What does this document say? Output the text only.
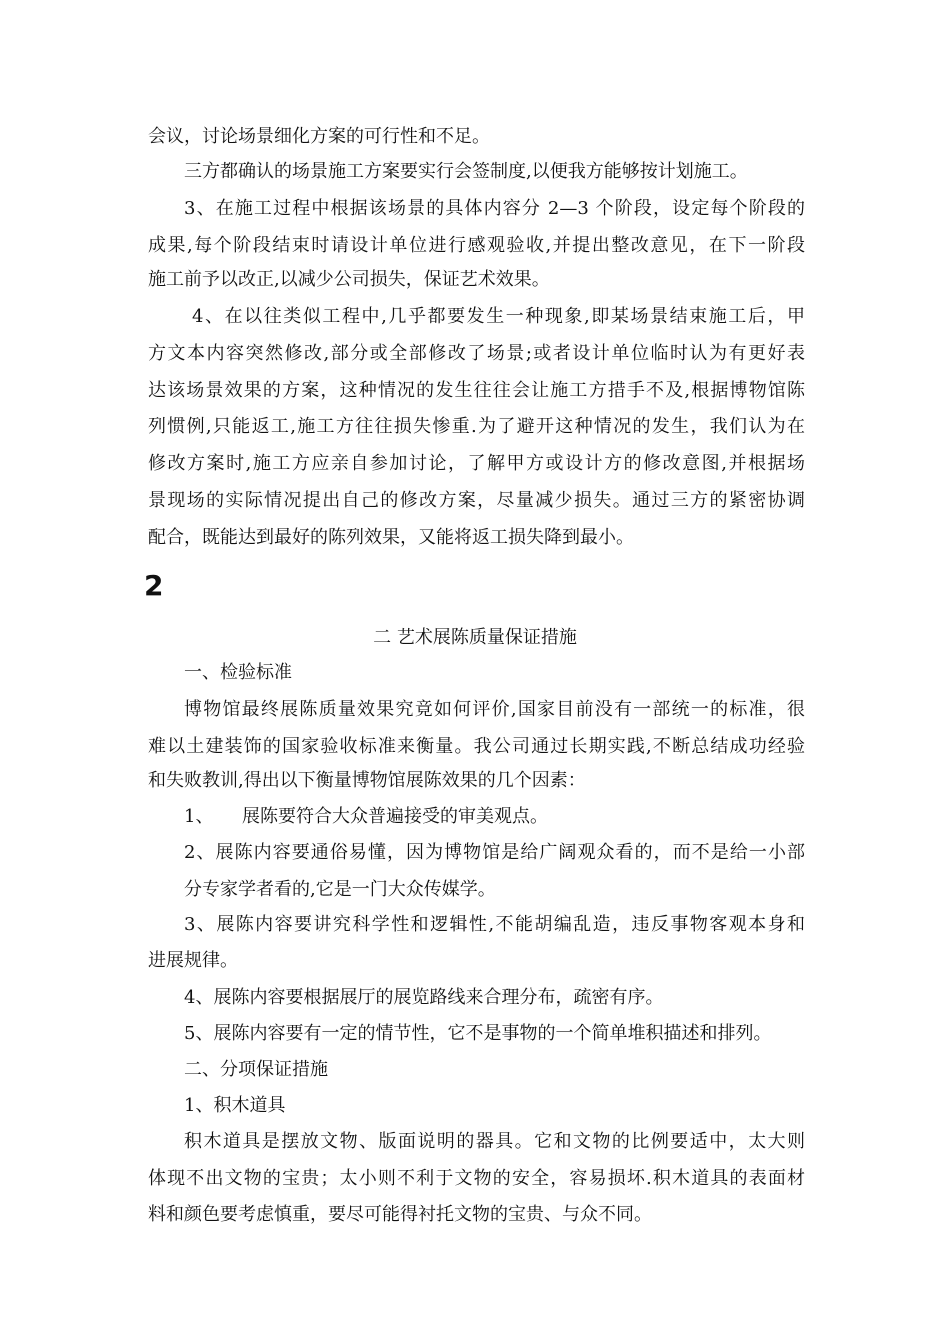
会议，讨论场景细化方案的可行性和不足。
三方都确认的场景施工方案要实行会签制度,以便我方能够按计划施工。
3、在施工过程中根据该场景的具体内容分 2—3 个阶段，设定每个阶段的
成果,每个阶段结束时请设计单位进行感观验收,并提出整改意见，在下一阶段
施工前予以改正,以减少公司损失，保证艺术效果。
4、在以往类似工程中,几乎都要发生一种现象,即某场景结束施工后，甲
方文本内容突然修改,部分或全部修改了场景;或者设计单位临时认为有更好表
达该场景效果的方案，这种情况的发生往往会让施工方措手不及,根据博物馆陈
列惯例,只能返工,施工方往往损失惨重.为了避开这种情况的发生，我们认为在
修改方案时,施工方应亲自参加讨论，了解甲方或设计方的修改意图,并根据场
景现场的实际情况提出自己的修改方案，尽量减少损失。通过三方的紧密协调
配合，既能达到最好的陈列效果，又能将返工损失降到最小。
2
二 艺术展陈质量保证措施
一、检验标准
博物馆最终展陈质量效果究竟如何评价,国家目前没有一部统一的标准，很
难以土建装饰的国家验收标准来衡量。我公司通过长期实践,不断总结成功经验
和失败教训,得出以下衡量博物馆展陈效果的几个因素：
1、     展陈要符合大众普遍接受的审美观点。
2、展陈内容要通俗易懂，因为博物馆是给广阔观众看的，而不是给一小部
分专家学者看的,它是一门大众传媒学。
3、展陈内容要讲究科学性和逻辑性,不能胡编乱造，违反事物客观本身和
进展规律。
4、展陈内容要根据展厅的展览路线来合理分布，疏密有序。
5、展陈内容要有一定的情节性，它不是事物的一个简单堆积描述和排列。
二、分项保证措施
1、积木道具
积木道具是摆放文物、版面说明的器具。它和文物的比例要适中，太大则
体现不出文物的宝贵；太小则不利于文物的安全，容易损坏.积木道具的表面材
料和颜色要考虑慎重，要尽可能得衬托文物的宝贵、与众不同。
